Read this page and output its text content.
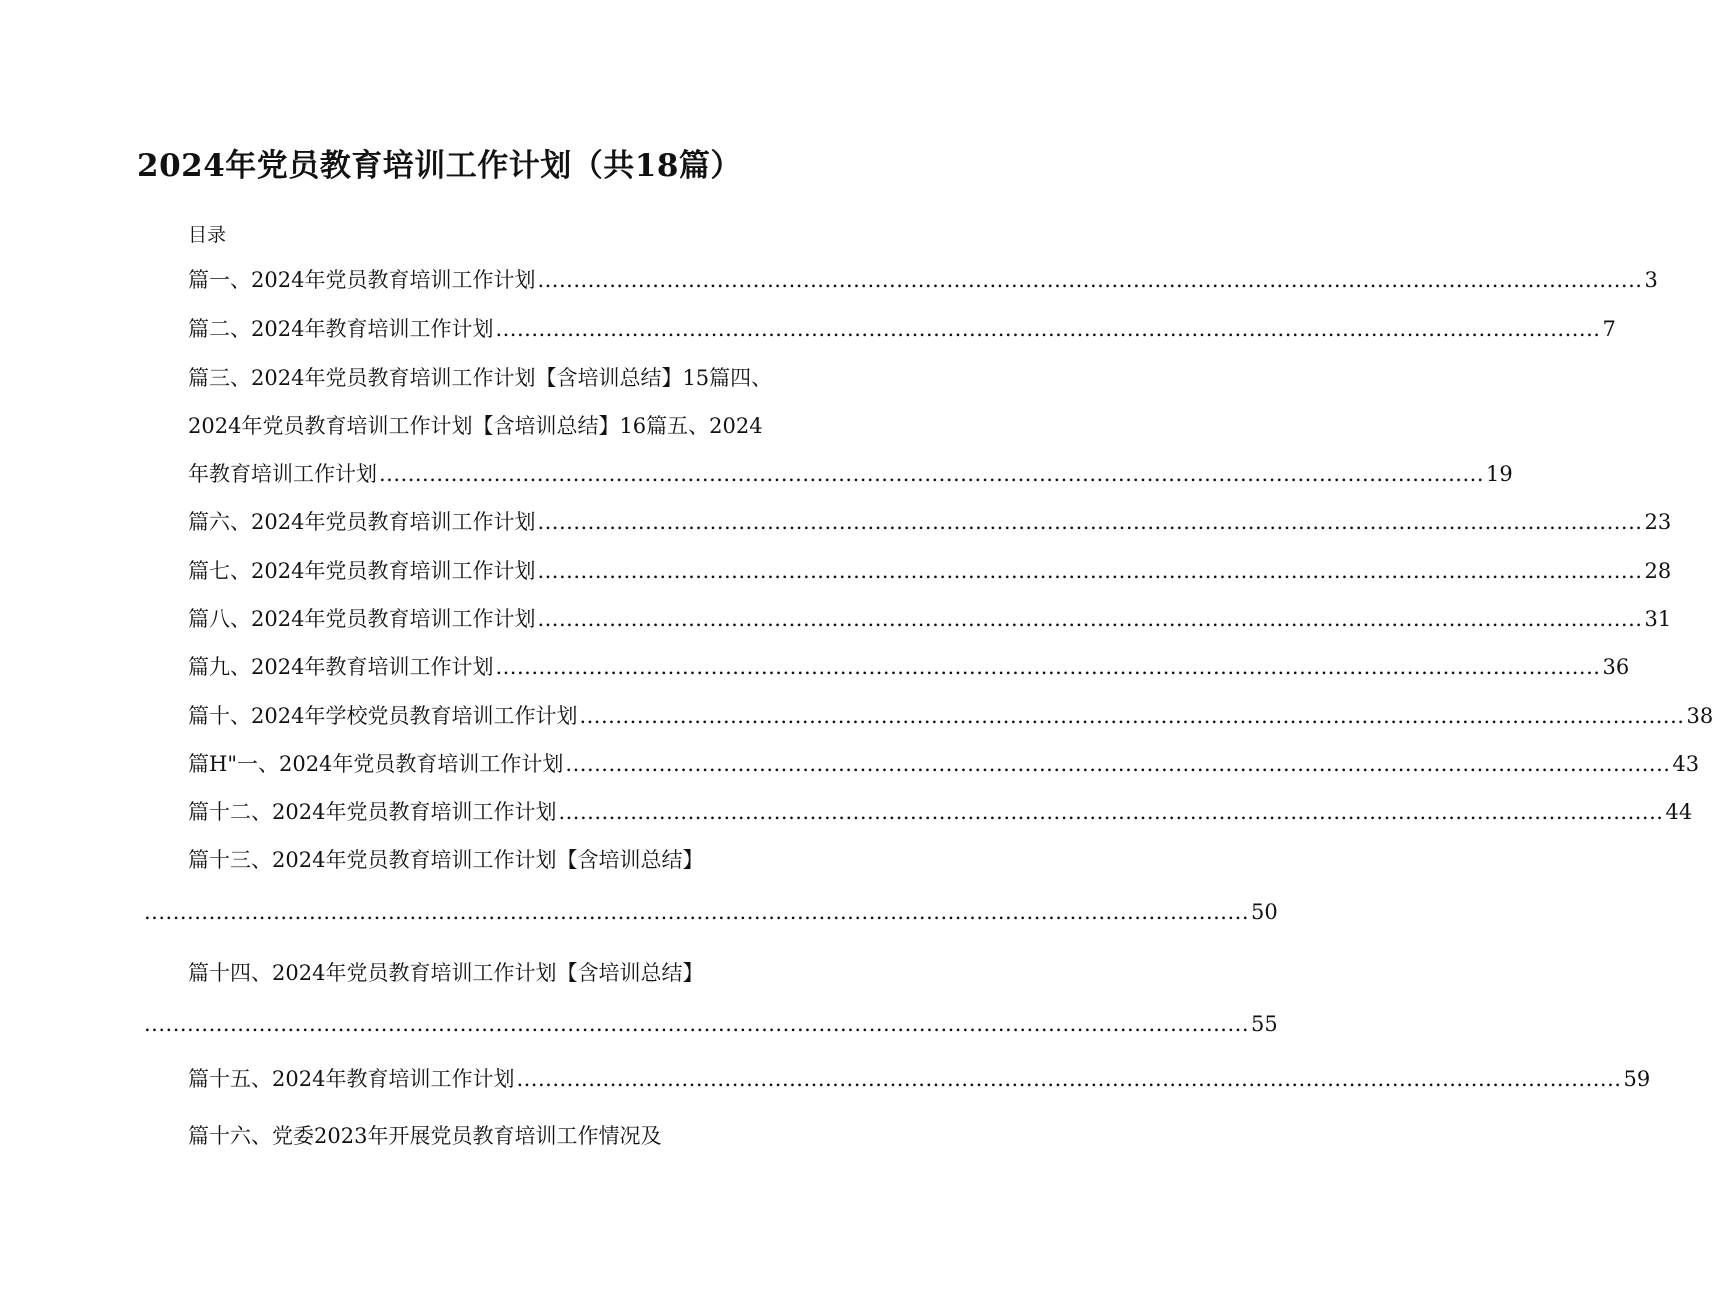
2024年党员教育培训工作计划（共18篇）
目录
篇一、2024年党员教育培训工作计划 .......................................................................................................................................................... 3
篇二、2024年教育培训工作计划 .......................................................................................................................................................... 7
篇三、2024年党员教育培训工作计划【含培训总结】15篇四、
2024年党员教育培训工作计划【含培训总结】16篇五、2024
年教育培训工作计划 .......................................................................................................................................................... 19
篇六、2024年党员教育培训工作计划 .......................................................................................................................................................... 23
篇七、2024年党员教育培训工作计划 .......................................................................................................................................................... 28
篇八、2024年党员教育培训工作计划 .......................................................................................................................................................... 31
篇九、2024年教育培训工作计划 .......................................................................................................................................................... 36
篇十、2024年学校党员教育培训工作计划 .......................................................................................................................................................... 38
篇H"一、2024年党员教育培训工作计划 .......................................................................................................................................................... 43
篇十二、2024年党员教育培训工作计划 .......................................................................................................................................................... 44
篇十三、2024年党员教育培训工作计划【含培训总结】
.......................................................................................................................................................... 50
篇十四、2024年党员教育培训工作计划【含培训总结】
.......................................................................................................................................................... 55
篇十五、2024年教育培训工作计划 .......................................................................................................................................................... 59
篇十六、党委2023年开展党员教育培训工作情况及
